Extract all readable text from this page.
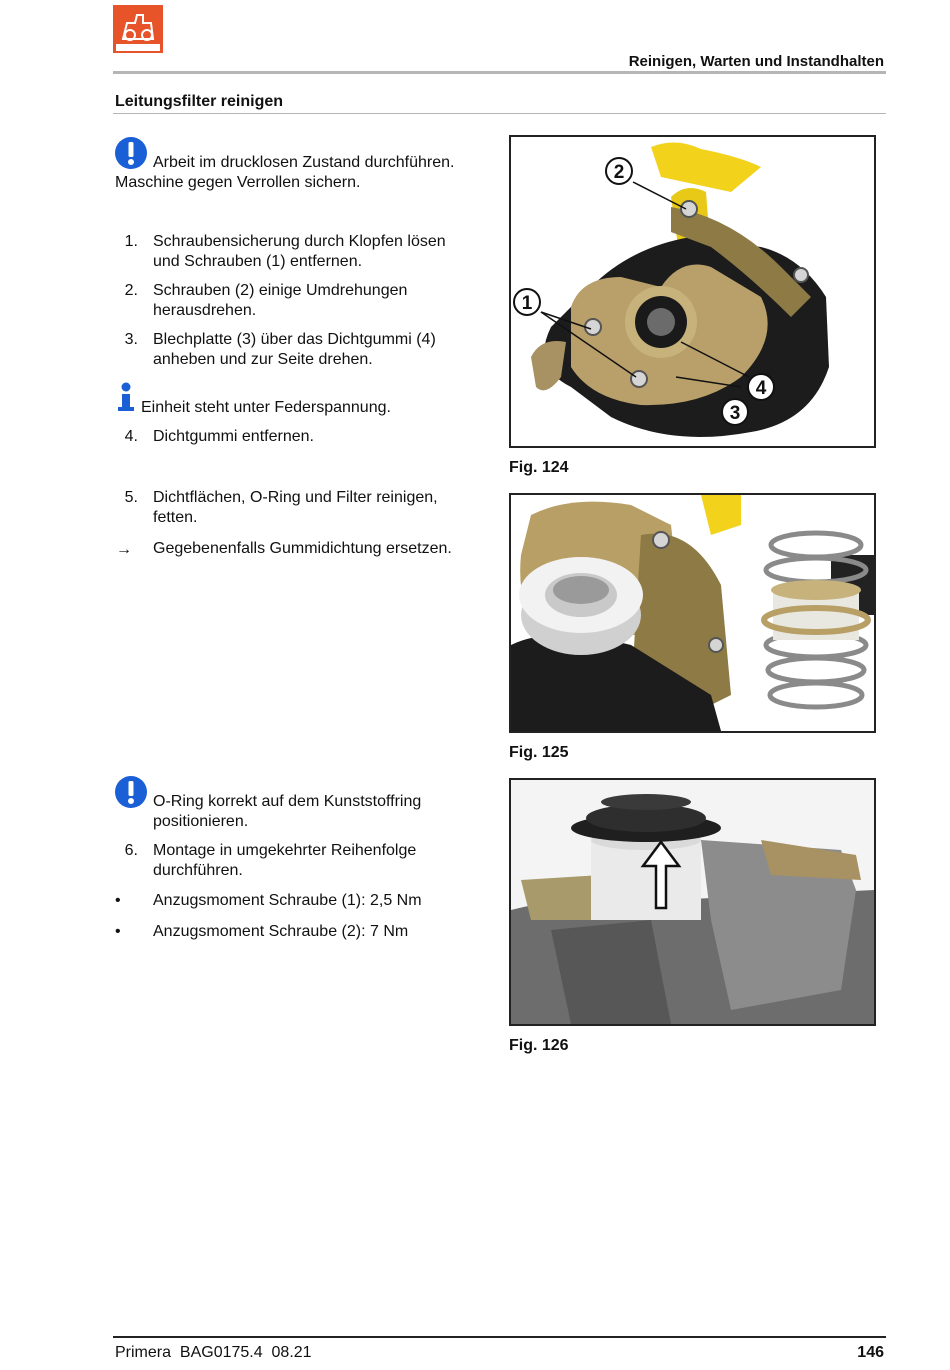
Reinigen, Warten und Instandhalten
Leitungsfilter reinigen
Arbeit im drucklosen Zustand durchführen.
Maschine gegen Verrollen sichern.
1. Schraubensicherung durch Klopfen lösen
und Schrauben (1) entfernen.
2. Schrauben (2) einige Umdrehungen
herausdrehen.
3. Blechplatte (3) über das Dichtgummi (4)
anheben und zur Seite drehen.
Einheit steht unter Federspannung.
4. Dichtgummi entfernen.
5. Dichtflächen, O-Ring und Filter reinigen,
fetten.
→ Gegebenenfalls Gummidichtung ersetzen.
O-Ring korrekt auf dem Kunststoffring
positionieren.
6. Montage in umgekehrter Reihenfolge
durchführen.
• Anzugsmoment Schraube (1): 2,5 Nm
• Anzugsmoment Schraube (2): 7 Nm
2
1
3
4
Fig. 124
Fig. 125
Fig. 126
Primera  BAG0175.4  08.21	146
